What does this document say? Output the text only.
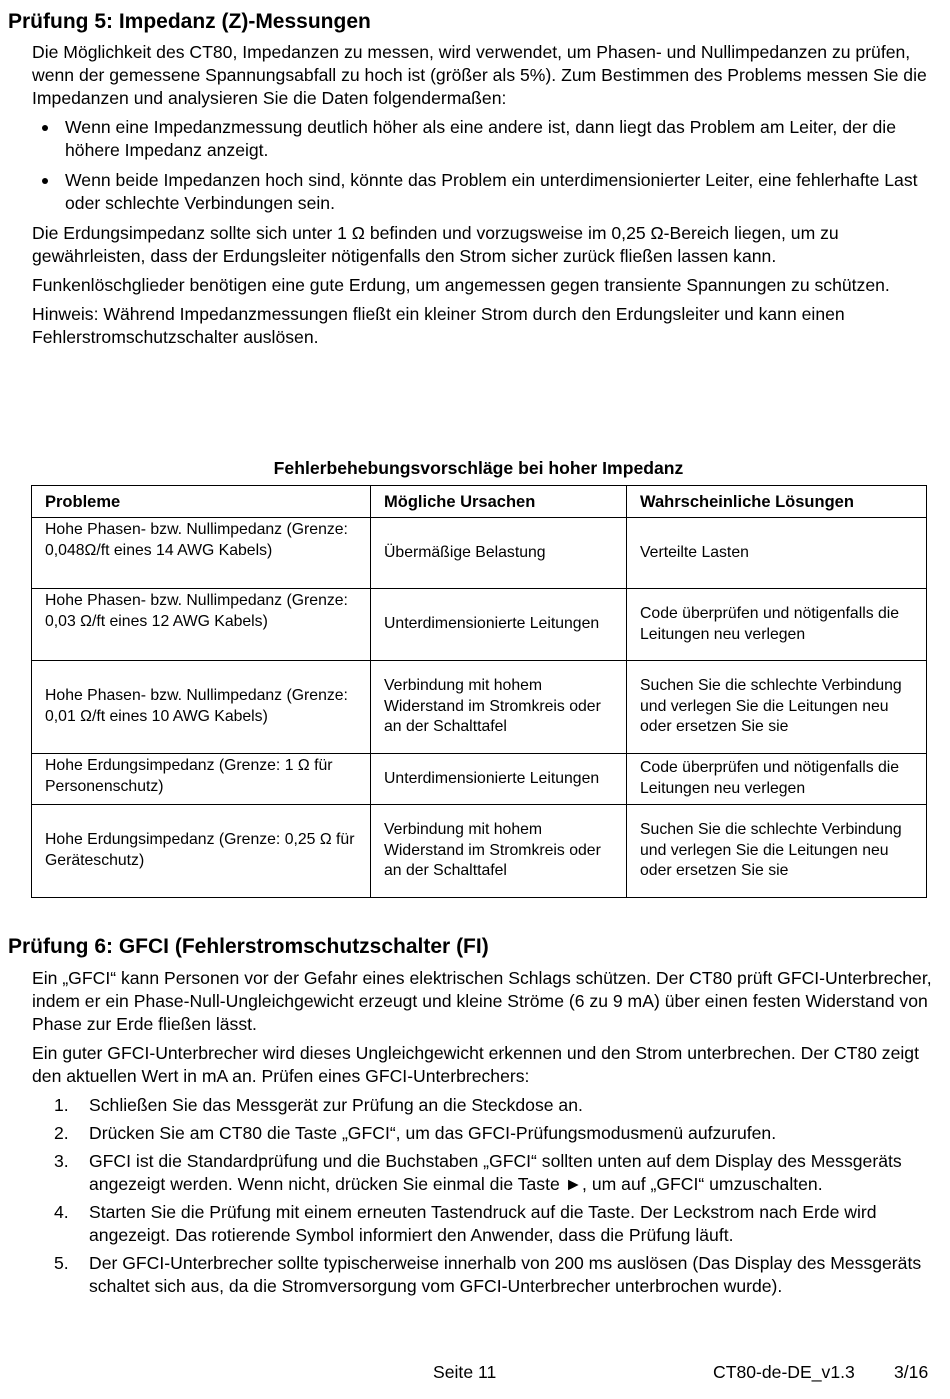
Prüfung 5: Impedanz (Z)-Messungen

Die Möglichkeit des CT80, Impedanzen zu messen, wird verwendet, um Phasen- und Nullimpedanzen zu prüfen, wenn der gemessene Spannungsabfall zu hoch ist (größer als 5%). Zum Bestimmen des Problems messen Sie die Impedanzen und analysieren Sie die Daten folgendermaßen:

Wenn eine Impedanzmessung deutlich höher als eine andere ist, dann liegt das Problem am Leiter, der die höhere Impedanz anzeigt.
Wenn beide Impedanzen hoch sind, könnte das Problem ein unterdimensionierter Leiter, eine fehlerhafte Last oder schlechte Verbindungen sein.

Die Erdungsimpedanz sollte sich unter 1 Ω befinden und vorzugsweise im 0,25 Ω-Bereich liegen, um zu gewährleisten, dass der Erdungsleiter nötigenfalls den Strom sicher zurück fließen lassen kann.

Funkenlöschglieder benötigen eine gute Erdung, um angemessen gegen transiente Spannungen zu schützen.

Hinweis: Während Impedanzmessungen fließt ein kleiner Strom durch den Erdungsleiter und kann einen Fehlerstromschutzschalter auslösen.

Fehlerbehebungsvorschläge bei hoher Impedanz
Probleme	Mögliche Ursachen	Wahrscheinliche Lösungen
Hohe Phasen- bzw. Nullimpedanz (Grenze: 0,048Ω/ft eines 14 AWG Kabels)	Übermäßige Belastung	Verteilte Lasten
Hohe Phasen- bzw. Nullimpedanz (Grenze: 0,03 Ω/ft eines 12 AWG Kabels)	Unterdimensionierte Leitungen	Code überprüfen und nötigenfalls die Leitungen neu verlegen
Hohe Phasen- bzw. Nullimpedanz (Grenze: 0,01 Ω/ft eines 10 AWG Kabels)	Verbindung mit hohem Widerstand im Stromkreis oder an der Schalttafel	Suchen Sie die schlechte Verbindung und verlegen Sie die Leitungen neu oder ersetzen Sie sie
Hohe Erdungsimpedanz (Grenze: 1 Ω für Personenschutz)	Unterdimensionierte Leitungen	Code überprüfen und nötigenfalls die Leitungen neu verlegen
Hohe Erdungsimpedanz (Grenze: 0,25 Ω für Geräteschutz)	Verbindung mit hohem Widerstand im Stromkreis oder an der Schalttafel	Suchen Sie die schlechte Verbindung und verlegen Sie die Leitungen neu oder ersetzen Sie sie
Prüfung 6: GFCI (Fehlerstromschutzschalter (FI)

Ein „GFCI“ kann Personen vor der Gefahr eines elektrischen Schlags schützen. Der CT80 prüft GFCI-Unterbrecher, indem er ein Phase-Null-Ungleichgewicht erzeugt und kleine Ströme (6 zu 9 mA) über einen festen Widerstand von Phase zur Erde fließen lässt.

Ein guter GFCI-Unterbrecher wird dieses Ungleichgewicht erkennen und den Strom unterbrechen. Der CT80 zeigt den aktuellen Wert in mA an. Prüfen eines GFCI-Unterbrechers:

1. Schließen Sie das Messgerät zur Prüfung an die Steckdose an.
2. Drücken Sie am CT80 die Taste „GFCI“, um das GFCI-Prüfungsmodusmenü aufzurufen.
3. GFCI ist die Standardprüfung und die Buchstaben „GFCI“ sollten unten auf dem Display des Messgeräts angezeigt werden. Wenn nicht, drücken Sie einmal die Taste ►, um auf „GFCI“ umzuschalten.
4. Starten Sie die Prüfung mit einem erneuten Tastendruck auf die Taste. Der Leckstrom nach Erde wird angezeigt. Das rotierende Symbol informiert den Anwender, dass die Prüfung läuft.
5. Der GFCI-Unterbrecher sollte typischerweise innerhalb von 200 ms auslösen (Das Display des Messgeräts schaltet sich aus, da die Stromversorgung vom GFCI-Unterbrecher unterbrochen wurde).
Seite 11	CT80-de-DE_v1.3 3/16
